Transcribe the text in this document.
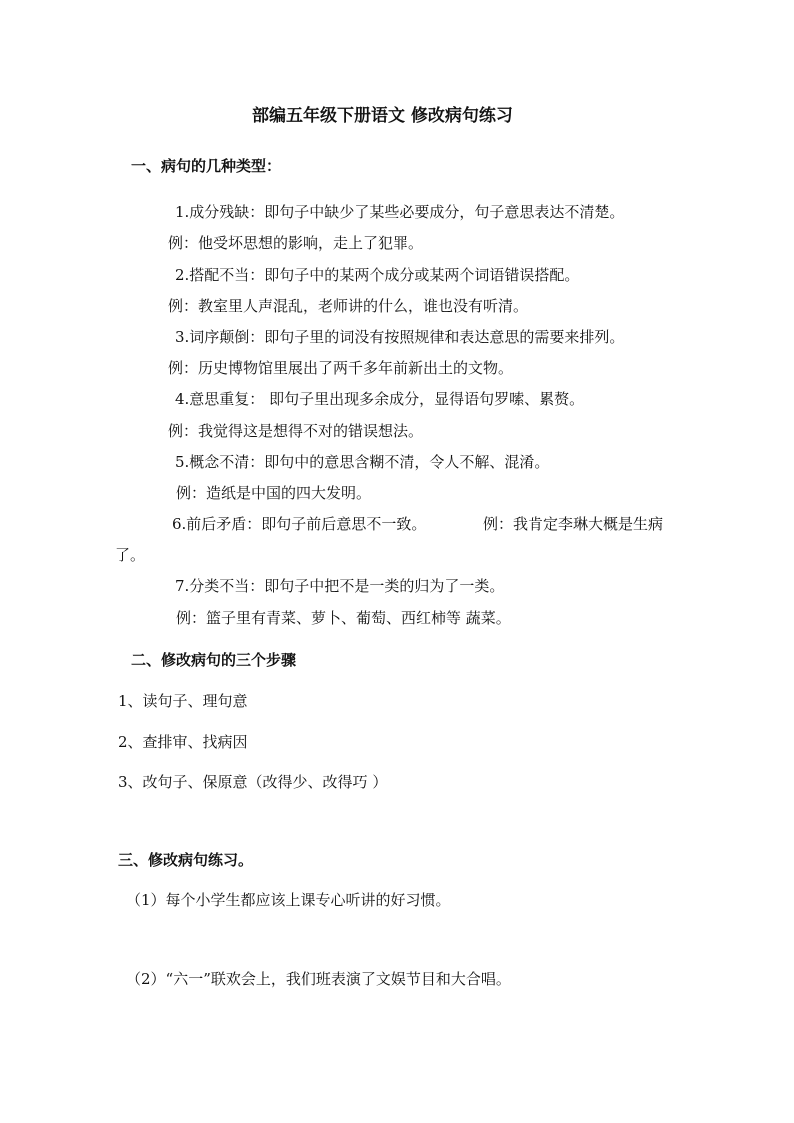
部编五年级下册语文 修改病句练习
一、病句的几种类型：
1.成分残缺：即句子中缺少了某些必要成分，句子意思表达不清楚。
例：他受坏思想的影响，走上了犯罪。
2.搭配不当：即句子中的某两个成分或某两个词语错误搭配。
例：教室里人声混乱，老师讲的什么，谁也没有听清。
3.词序颠倒：即句子里的词没有按照规律和表达意思的需要来排列。
例：历史博物馆里展出了两千多年前新出土的文物。
4.意思重复： 即句子里出现多余成分，显得语句罗嗦、累赘。
例：我觉得这是想得不对的错误想法。
5.概念不清：即句中的意思含糊不清，令人不解、混淆。
例：造纸是中国的四大发明。
6.前后矛盾：即句子前后意思不一致。	例：我肯定李琳大概是生病
了。
7.分类不当：即句子中把不是一类的归为了一类。
例：篮子里有青菜、萝卜、葡萄、西红柿等 蔬菜。
二、修改病句的三个步骤
1、读句子、理句意
2、查排审、找病因
3、改句子、保原意（改得少、改得巧 ）
三、修改病句练习。
（1）每个小学生都应该上课专心听讲的好习惯。
（2）“六一”联欢会上，我们班表演了文娱节目和大合唱。
